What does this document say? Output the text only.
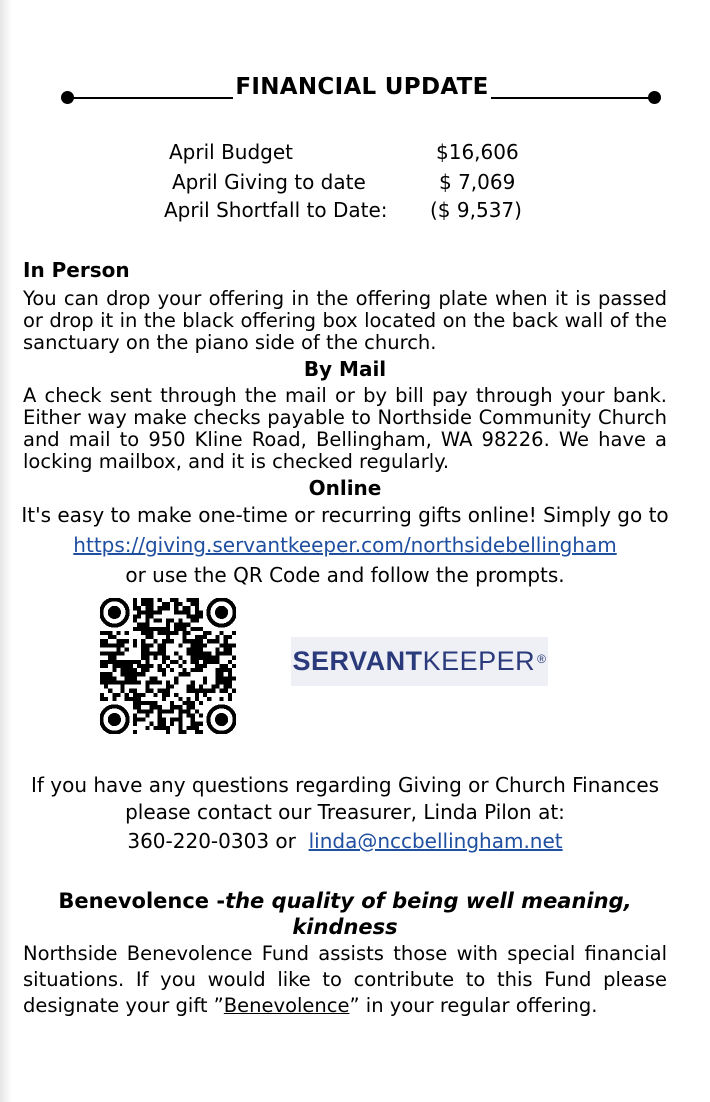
FINANCIAL UPDATE
April Budget	$16,606
April Giving to date	$ 7,069
April Shortfall to Date: ($ 9,537)
In Person
You can drop your offering in the offering plate when it is passed or drop it in the black offering box located on the back wall of the sanctuary on the piano side of the church.
By Mail
A check sent through the mail or by bill pay through your bank. Either way make checks payable to Northside Community Church and mail to 950 Kline Road, Bellingham, WA 98226. We have a locking mailbox, and it is checked regularly.
Online
It's easy to make one-time or recurring gifts online! Simply go to
https://giving.servantkeeper.com/northsidebellingham
or use the QR Code and follow the prompts.
SERVANT KEEPER ®
If you have any questions regarding Giving or Church Finances
please contact our Treasurer, Linda Pilon at:
360-220-0303 or linda@nccbellingham.net
Benevolence -the quality of being well meaning,
kindness
Northside Benevolence Fund assists those with special financial situations. If you would like to contribute to this Fund please designate your gift ”Benevolence” in your regular offering.
